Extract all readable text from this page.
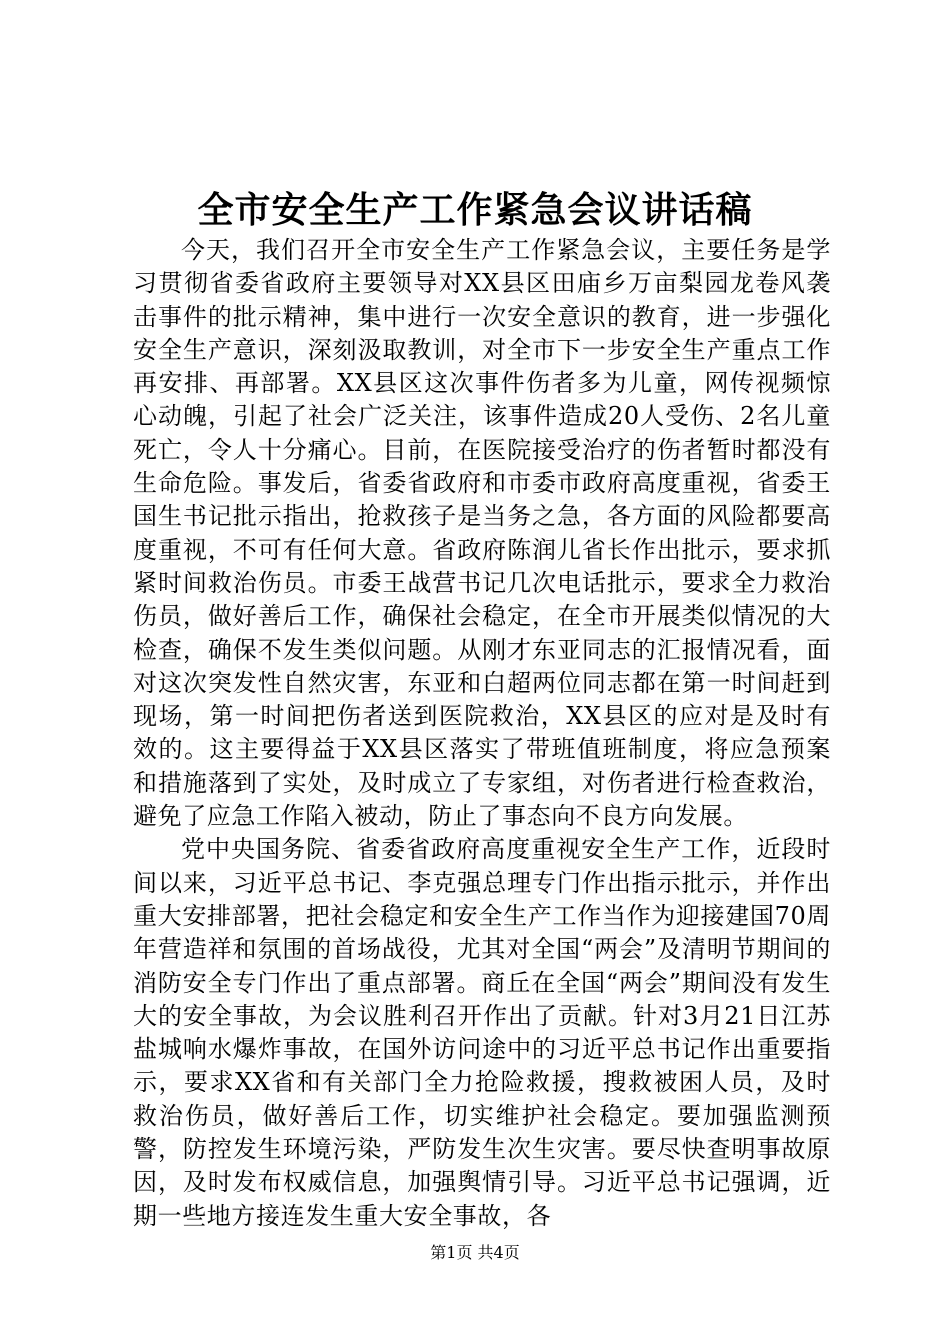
全市安全生产工作紧急会议讲话稿

今天，我们召开全市安全生产工作紧急会议，主要任务是学习贯彻省委省政府主要领导对XX县区田庙乡万亩梨园龙卷风袭击事件的批示精神，集中进行一次安全意识的教育，进一步强化安全生产意识，深刻汲取教训，对全市下一步安全生产重点工作再安排、再部署。XX县区这次事件伤者多为儿童，网传视频惊心动魄，引起了社会广泛关注，该事件造成20人受伤、2名儿童死亡，令人十分痛心。目前，在医院接受治疗的伤者暂时都没有生命危险。事发后，省委省政府和市委市政府高度重视，省委王国生书记批示指出，抢救孩子是当务之急，各方面的风险都要高度重视，不可有任何大意。省政府陈润儿省长作出批示，要求抓紧时间救治伤员。市委王战营书记几次电话批示，要求全力救治伤员，做好善后工作，确保社会稳定，在全市开展类似情况的大检查，确保不发生类似问题。从刚才东亚同志的汇报情况看，面对这次突发性自然灾害，东亚和白超两位同志都在第一时间赶到现场，第一时间把伤者送到医院救治，XX县区的应对是及时有效的。这主要得益于XX县区落实了带班值班制度，将应急预案和措施落到了实处，及时成立了专家组，对伤者进行检查救治，避免了应急工作陷入被动，防止了事态向不良方向发展。

党中央国务院、省委省政府高度重视安全生产工作，近段时间以来，习近平总书记、李克强总理专门作出指示批示，并作出重大安排部署，把社会稳定和安全生产工作当作为迎接建国70周年营造祥和氛围的首场战役，尤其对全国“两会”及清明节期间的消防安全专门作出了重点部署。商丘在全国“两会”期间没有发生大的安全事故，为会议胜利召开作出了贡献。针对3月21日江苏盐城响水爆炸事故，在国外访问途中的习近平总书记作出重要指示，要求XX省和有关部门全力抢险救援，搜救被困人员，及时救治伤员，做好善后工作，切实维护社会稳定。要加强监测预警，防控发生环境污染，严防发生次生灾害。要尽快查明事故原因，及时发布权威信息，加强舆情引导。习近平总书记强调，近期一些地方接连发生重大安全事故，各

第1页 共4页
